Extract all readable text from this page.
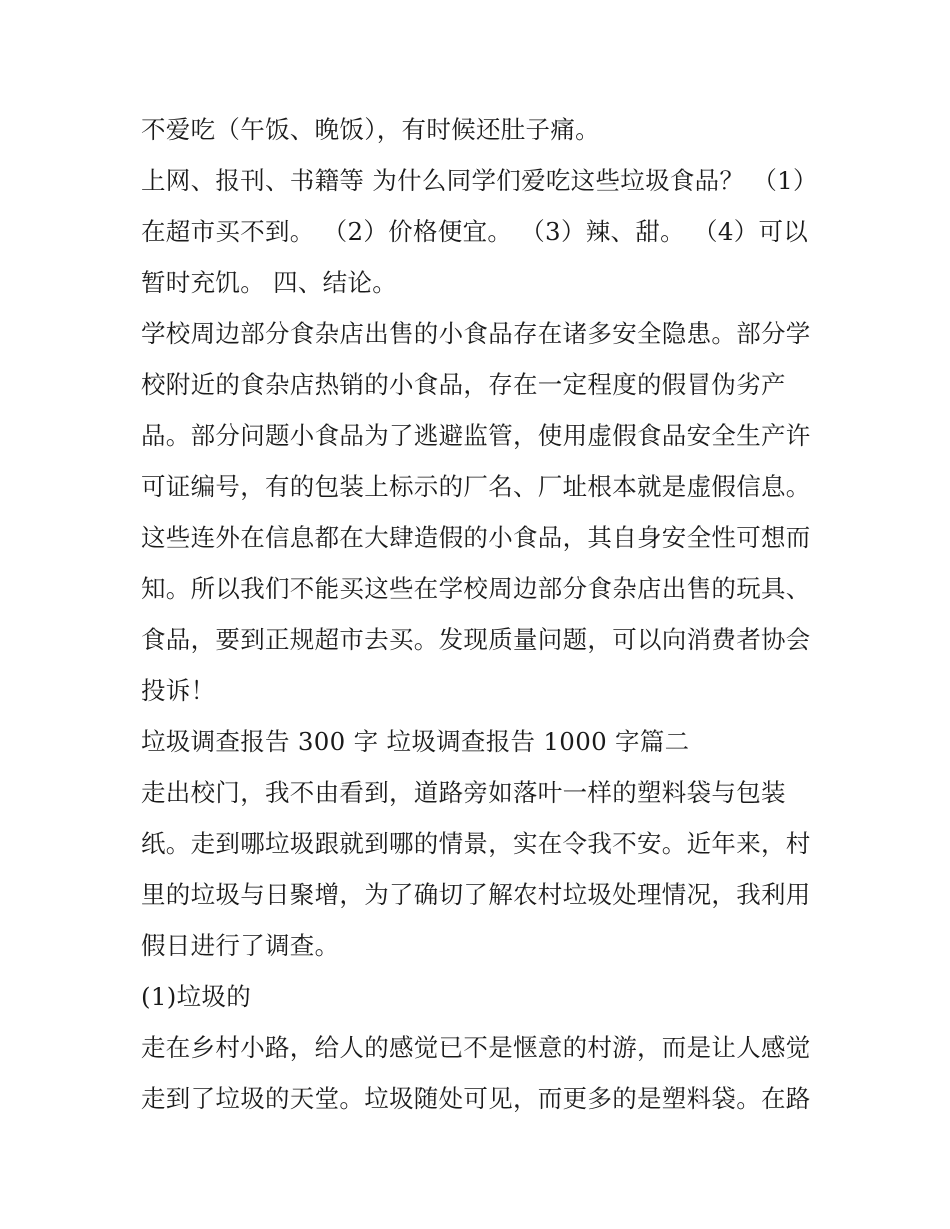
不爱吃（午饭、晚饭），有时候还肚子痛。
上网、报刊、书籍等 为什么同学们爱吃这些垃圾食品？ （1）
在超市买不到。 （2）价格便宜。 （3）辣、甜。 （4）可以
暂时充饥。 四、结论。
学校周边部分食杂店出售的小食品存在诸多安全隐患。部分学
校附近的食杂店热销的小食品，存在一定程度的假冒伪劣产
品。部分问题小食品为了逃避监管，使用虚假食品安全生产许
可证编号，有的包装上标示的厂名、厂址根本就是虚假信息。
这些连外在信息都在大肆造假的小食品，其自身安全性可想而
知。所以我们不能买这些在学校周边部分食杂店出售的玩具、
食品，要到正规超市去买。发现质量问题，可以向消费者协会
投诉！
垃圾调查报告 300 字 垃圾调查报告 1000 字篇二
走出校门，我不由看到，道路旁如落叶一样的塑料袋与包装
纸。走到哪垃圾跟就到哪的情景，实在令我不安。近年来，村
里的垃圾与日聚增，为了确切了解农村垃圾处理情况，我利用
假日进行了调查。
(1)垃圾的
走在乡村小路，给人的感觉已不是惬意的村游，而是让人感觉
走到了垃圾的天堂。垃圾随处可见，而更多的是塑料袋。在路
